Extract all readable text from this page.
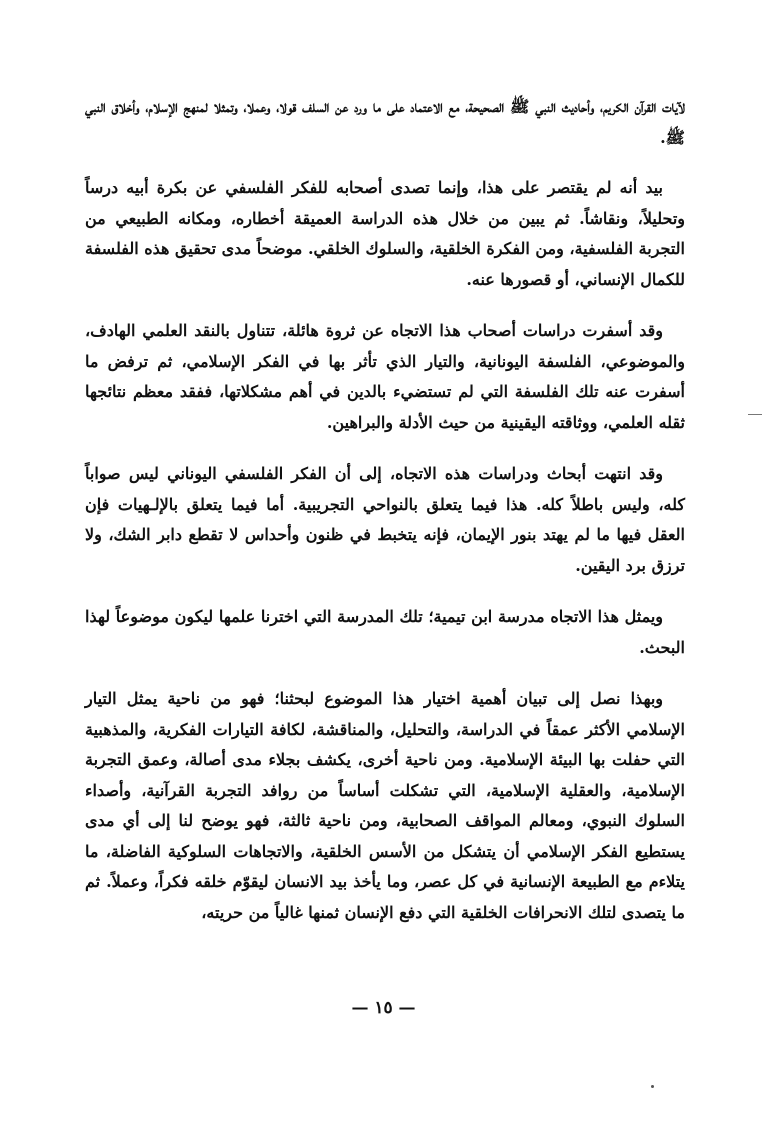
لآيات القرآن الكريم، وأحاديث النبي ﷺ الصحيحة، مع الاعتماد على ما ورد عن السلف قولا، وعملا، وتمثلا لمنهج الإسلام، وأخلاق النبي ﷺ.

بيد أنه لم يقتصر على هذا، وإنما تصدى أصحابه للفكر الفلسفي عن بكرة أبيه درساً وتحليلاً، ونقاشاً. ثم يبين من خلال هذه الدراسة العميقة أخطاره، ومكانه الطبيعي من التجربة الفلسفية، ومن الفكرة الخلقية، والسلوك الخلقي. موضحاً مدى تحقيق هذه الفلسفة للكمال الإنساني، أو قصورها عنه.

وقد أسفرت دراسات أصحاب هذا الاتجاه عن ثروة هائلة، تتناول بالنقد العلمي الهادف، والموضوعي، الفلسفة اليونانية، والتيار الذي تأثر بها في الفكر الإسلامي، ثم ترفض ما أسفرت عنه تلك الفلسفة التي لم تستضيء بالدين في أهم مشكلاتها، ففقد معظم نتائجها ثقله العلمي، ووثاقته اليقينية من حيث الأدلة والبراهين.

وقد انتهت أبحاث ودراسات هذه الاتجاه، إلى أن الفكر الفلسفي اليوناني ليس صواباً كله، وليس باطلاً كله. هذا فيما يتعلق بالنواحي التجريبية. أما فيما يتعلق بالإلـهيات فإن العقل فيها ما لم يهتد بنور الإيمان، فإنه يتخبط في ظنون وأحداس لا تقطع دابر الشك، ولا ترزق برد اليقين.

ويمثل هذا الاتجاه مدرسة ابن تيمية؛ تلك المدرسة التي اخترنا علمها ليكون موضوعاً لهذا البحث.

وبهذا نصل إلى تبيان أهمية اختيار هذا الموضوع لبحثنا؛ فهو من ناحية يمثل التيار الإسلامي الأكثر عمقاً في الدراسة، والتحليل، والمناقشة، لكافة التيارات الفكرية، والمذهبية التي حفلت بها البيئة الإسلامية. ومن ناحية أخرى، يكشف بجلاء مدى أصالة، وعمق التجربة الإسلامية، والعقلية الإسلامية، التي تشكلت أساساً من روافد التجربة القرآنية، وأصداء السلوك النبوي، ومعالم المواقف الصحابية، ومن ناحية ثالثة، فهو يوضح لنا إلى أي مدى يستطيع الفكر الإسلامي أن يتشكل من الأسس الخلقية، والاتجاهات السلوكية الفاضلة، ما يتلاءم مع الطبيعة الإنسانية في كل عصر، وما يأخذ بيد الانسان ليقوّم خلقه فكراً، وعملاً. ثم ما يتصدى لتلك الانحرافات الخلقية التي دفع الإنسان ثمنها غالياً من حريته،

— ١٥ —
